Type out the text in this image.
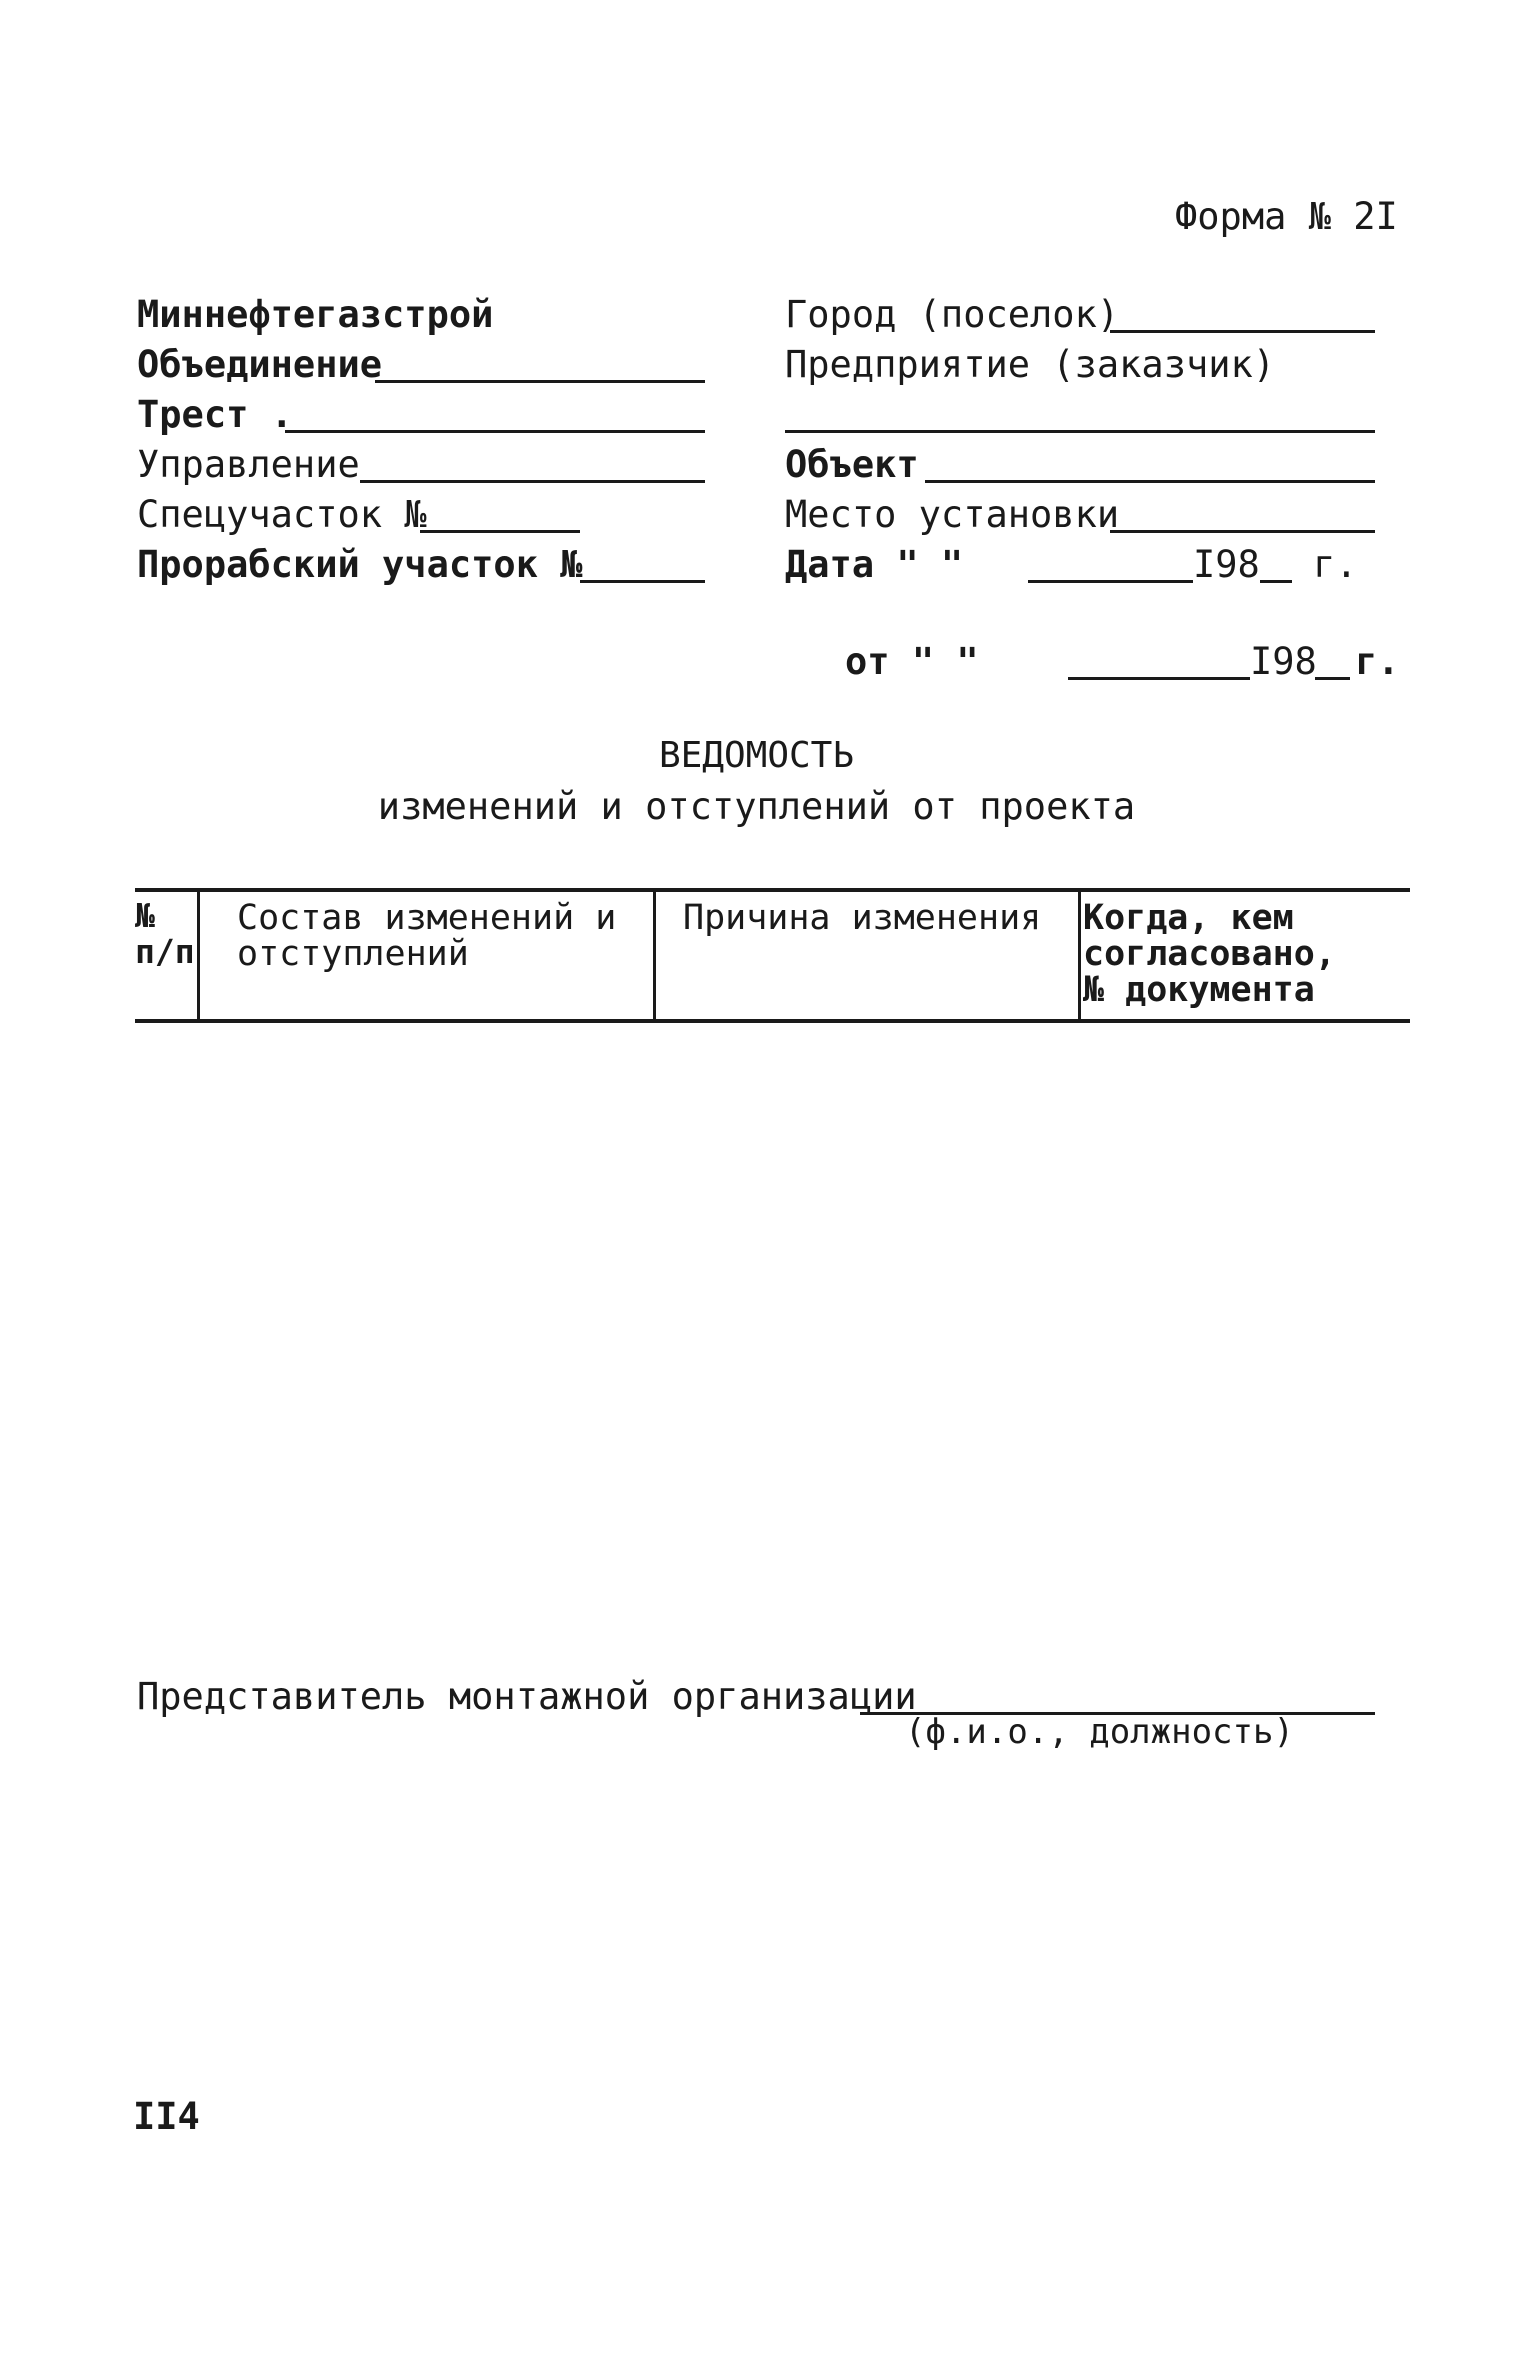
Форма № 2I
Миннефтегазстрой
Объединение
Трест .
Управление
Спецучасток №
Прорабский участок №
Город (поселок)
Предприятие (заказчик)
Объект
Место установки
Дата " "	I98 г.
от " "	I98 г.
ВЕДОМОСТЬ
изменений и отступлений от проекта
№
п/п
Состав изменений и
отступлений
Причина изменения Когда, кем
согласовано,
№ документа
Представитель монтажной организации
(ф.и.о., должность)
II4
